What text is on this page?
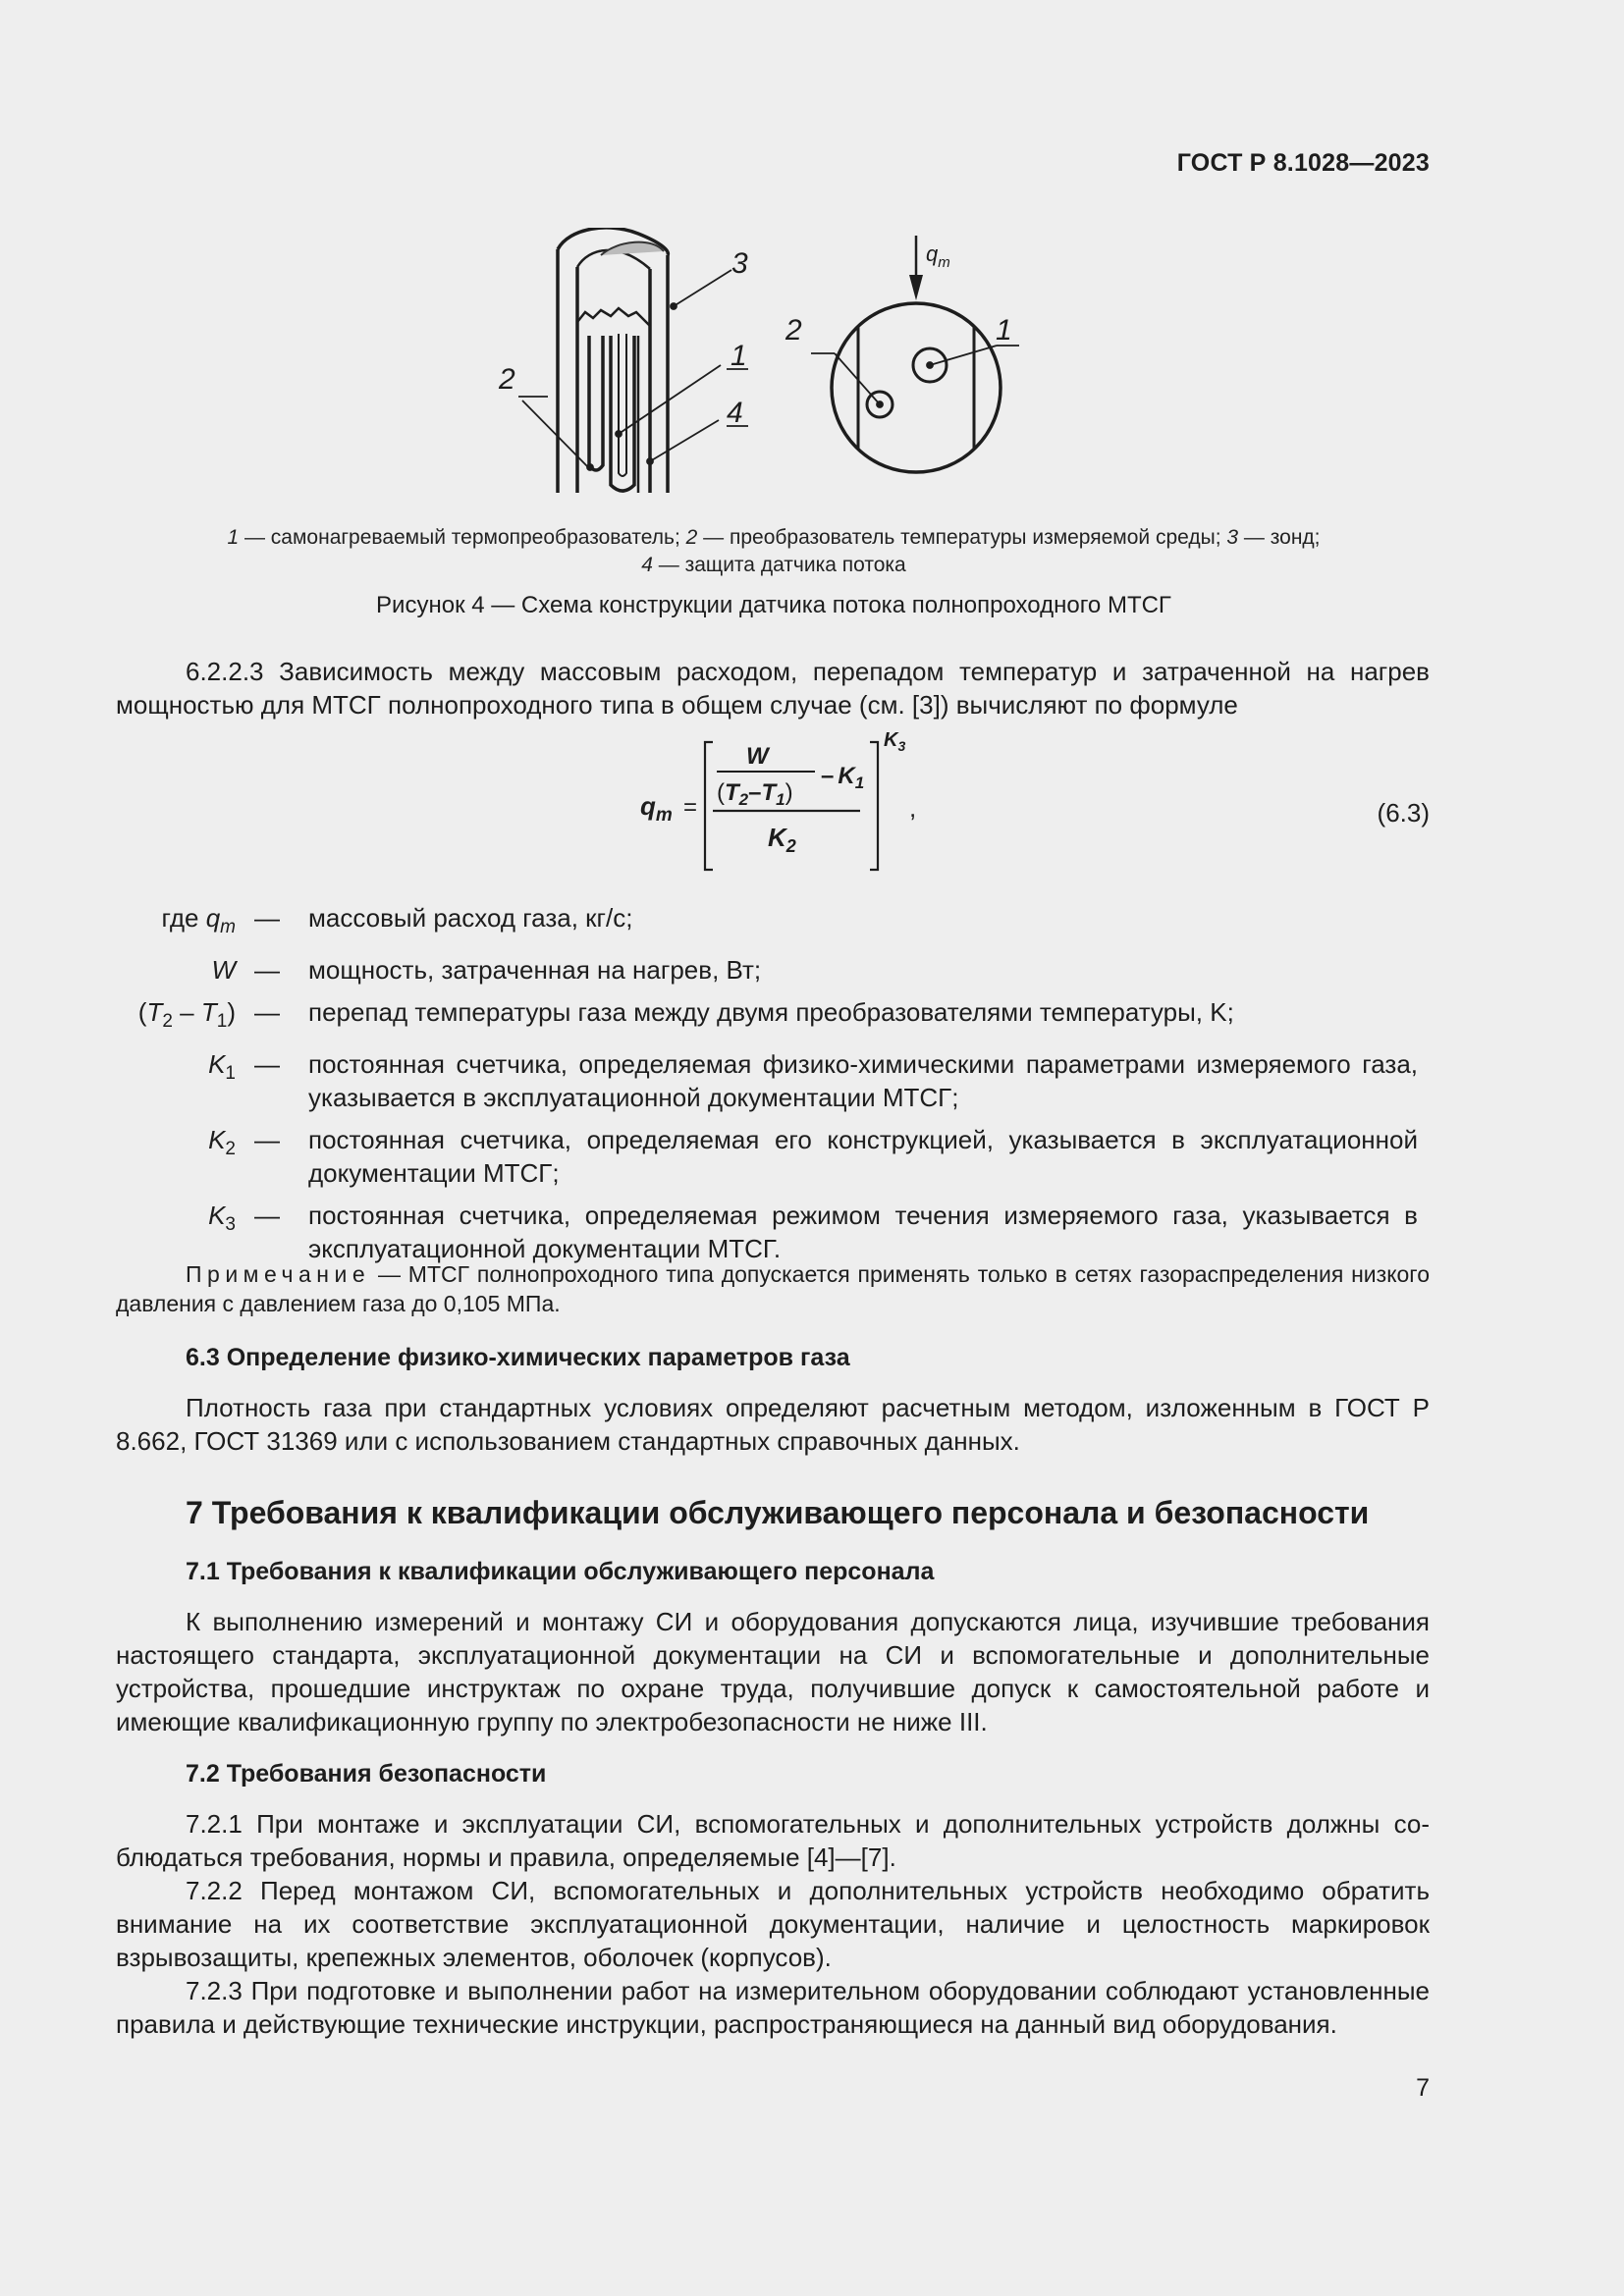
ГОСТ Р 8.1028—2023
3
2
1
4
1
2
$q_m$
1 — самонагреваемый термопреобразователь; 2 — преобразователь температуры измеряемой среды; 3 — зонд;
4 — защита датчика потока
Рисунок 4 — Схема конструкции датчика потока полнопроходного МТСГ
6.2.2.3 Зависимость между массовым расходом, перепадом температур и затраченной на нагрев мощностью для МТСГ полнопроходного типа в общем случае (см. [3]) вычисляют по формуле
$q_m$ =
$K_3$
W
$(T_2-T_1)$
– $K_1$
$K_2$
,	(6.3)
где $q_m$ —	массовый расход газа, кг/с;
W —	мощность, затраченная на нагрев, Вт;
$(T_2 - T_1)$ —	перепад температуры газа между двумя преобразователями температуры, K;
$K_1$ —	постоянная счетчика, определяемая физико-химическими параметрами измеряемого газа, указывается в эксплуатационной документации МТСГ;
$K_2$ —	постоянная счетчика, определяемая его конструкцией, указывается в эксплуатационной документации МТСГ;
$K_3$ —	постоянная счетчика, определяемая режимом течения измеряемого газа, указывается в эксплуатационной документации МТСГ.
Примечание — МТСГ полнопроходного типа допускается применять только в сетях газораспределения низкого давления с давлением газа до 0,105 МПа.
6.3 Определение физико-химических параметров газа
Плотность газа при стандартных условиях определяют расчетным методом, изложенным в ГОСТ Р 8.662, ГОСТ 31369 или с использованием стандартных справочных данных.
7 Требования к квалификации обслуживающего персонала и безопасности
7.1 Требования к квалификации обслуживающего персонала
К выполнению измерений и монтажу СИ и оборудования допускаются лица, изучившие требования настоящего стандарта, эксплуатационной документации на СИ и вспомогательные и дополнительные устройства, прошедшие инструктаж по охране труда, получившие допуск к самостоятельной работе и имеющие квалификационную группу по электробезопасности не ниже III.
7.2 Требования безопасности
7.2.1 При монтаже и эксплуатации СИ, вспомогательных и дополнительных устройств должны соблюдаться требования, нормы и правила, определяемые [4]—[7].
7.2.2 Перед монтажом СИ, вспомогательных и дополнительных устройств необходимо обратить внимание на их соответствие эксплуатационной документации, наличие и целостность маркировок взрывозащиты, крепежных элементов, оболочек (корпусов).
7.2.3 При подготовке и выполнении работ на измерительном оборудовании соблюдают установленные правила и действующие технические инструкции, распространяющиеся на данный вид оборудования.
7
